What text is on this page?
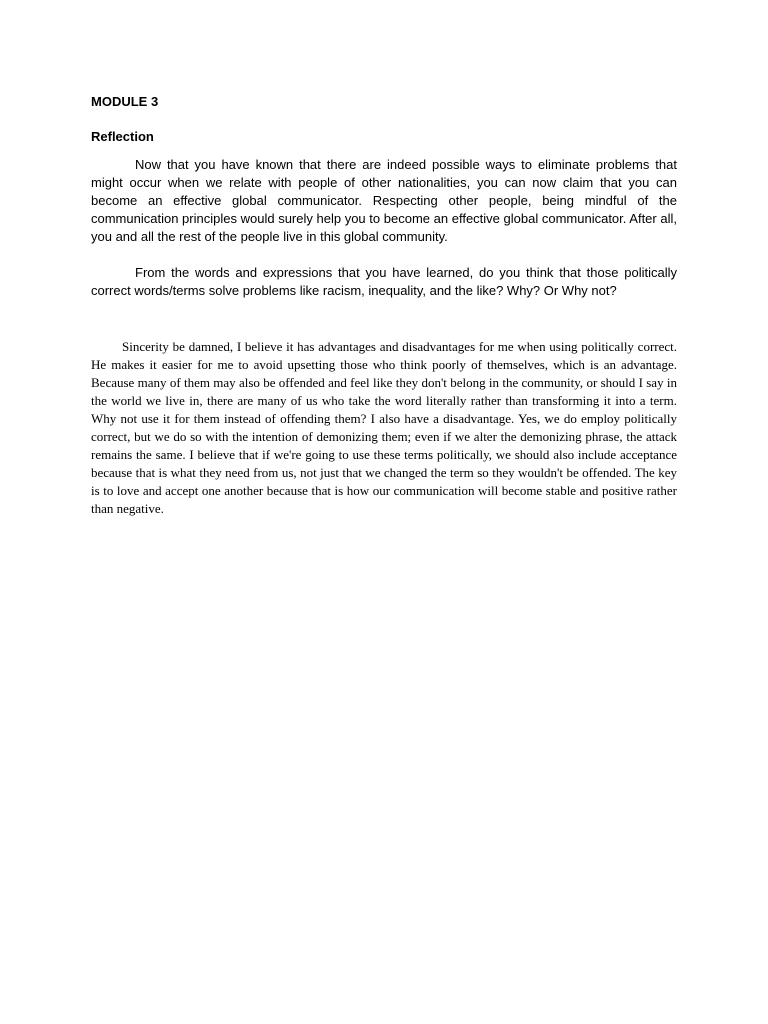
MODULE 3

Reflection

Now that you have known that there are indeed possible ways to eliminate problems that might occur when we relate with people of other nationalities, you can now claim that you can become an effective global communicator. Respecting other people, being mindful of the communication principles would surely help you to become an effective global communicator. After all, you and all the rest of the people live in this global community.

From the words and expressions that you have learned, do you think that those politically correct words/terms solve problems like racism, inequality, and the like? Why? Or Why not?

Sincerity be damned, I believe it has advantages and disadvantages for me when using politically correct. He makes it easier for me to avoid upsetting those who think poorly of themselves, which is an advantage. Because many of them may also be offended and feel like they don't belong in the community, or should I say in the world we live in, there are many of us who take the word literally rather than transforming it into a term. Why not use it for them instead of offending them? I also have a disadvantage. Yes, we do employ politically correct, but we do so with the intention of demonizing them; even if we alter the demonizing phrase, the attack remains the same. I believe that if we're going to use these terms politically, we should also include acceptance because that is what they need from us, not just that we changed the term so they wouldn't be offended. The key is to love and accept one another because that is how our communication will become stable and positive rather than negative.
